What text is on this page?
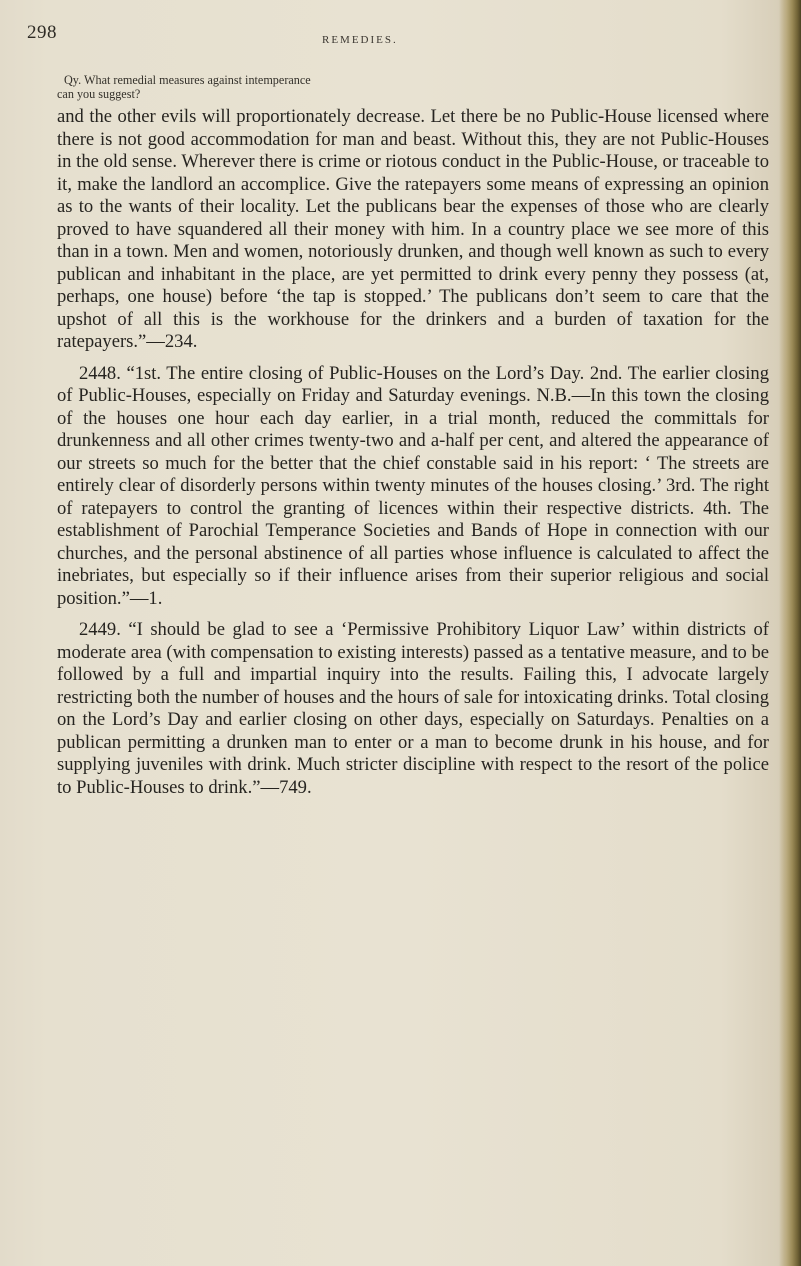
298	REMEDIES.
Qy. What remedial measures against intemperance can you suggest?

and the other evils will proportionately decrease. Let there be no Public-House licensed where there is not good accommodation for man and beast. Without this, they are not Public-Houses in the old sense. Wherever there is crime or riotous conduct in the Public-House, or traceable to it, make the landlord an accomplice. Give the ratepayers some means of expressing an opinion as to the wants of their locality. Let the publicans bear the expenses of those who are clearly proved to have squandered all their money with him. In a country place we see more of this than in a town. Men and women, notoriously drunken, and though well known as such to every publican and inhabitant in the place, are yet permitted to drink every penny they possess (at, perhaps, one house) before ‘the tap is stopped.’ The publicans don’t seem to care that the upshot of all this is the workhouse for the drinkers and a burden of taxation for the ratepayers.”—234.

2448. “1st. The entire closing of Public-Houses on the Lord’s Day. 2nd. The earlier closing of Public-Houses, especially on Friday and Saturday evenings. N.B.—In this town the closing of the houses one hour each day earlier, in a trial month, reduced the committals for drunkenness and all other crimes twenty-two and a-half per cent, and altered the appearance of our streets so much for the better that the chief constable said in his report: ‘ The streets are entirely clear of disorderly persons within twenty minutes of the houses closing.’ 3rd. The right of ratepayers to control the granting of licences within their respective districts. 4th. The establishment of Parochial Temperance Societies and Bands of Hope in connection with our churches, and the personal abstinence of all parties whose influence is calculated to affect the inebriates, but especially so if their influence arises from their superior religious and social position.”—1.

2449. “I should be glad to see a ‘Permissive Prohibitory Liquor Law’ within districts of moderate area (with compensation to existing interests) passed as a tentative measure, and to be followed by a full and impartial inquiry into the results. Failing this, I advocate largely restricting both the number of houses and the hours of sale for intoxicating drinks. Total closing on the Lord’s Day and earlier closing on other days, especially on Saturdays. Penalties on a publican permitting a drunken man to enter or a man to become drunk in his house, and for supplying juveniles with drink. Much stricter discipline with respect to the resort of the police to Public-Houses to drink.”—749.
